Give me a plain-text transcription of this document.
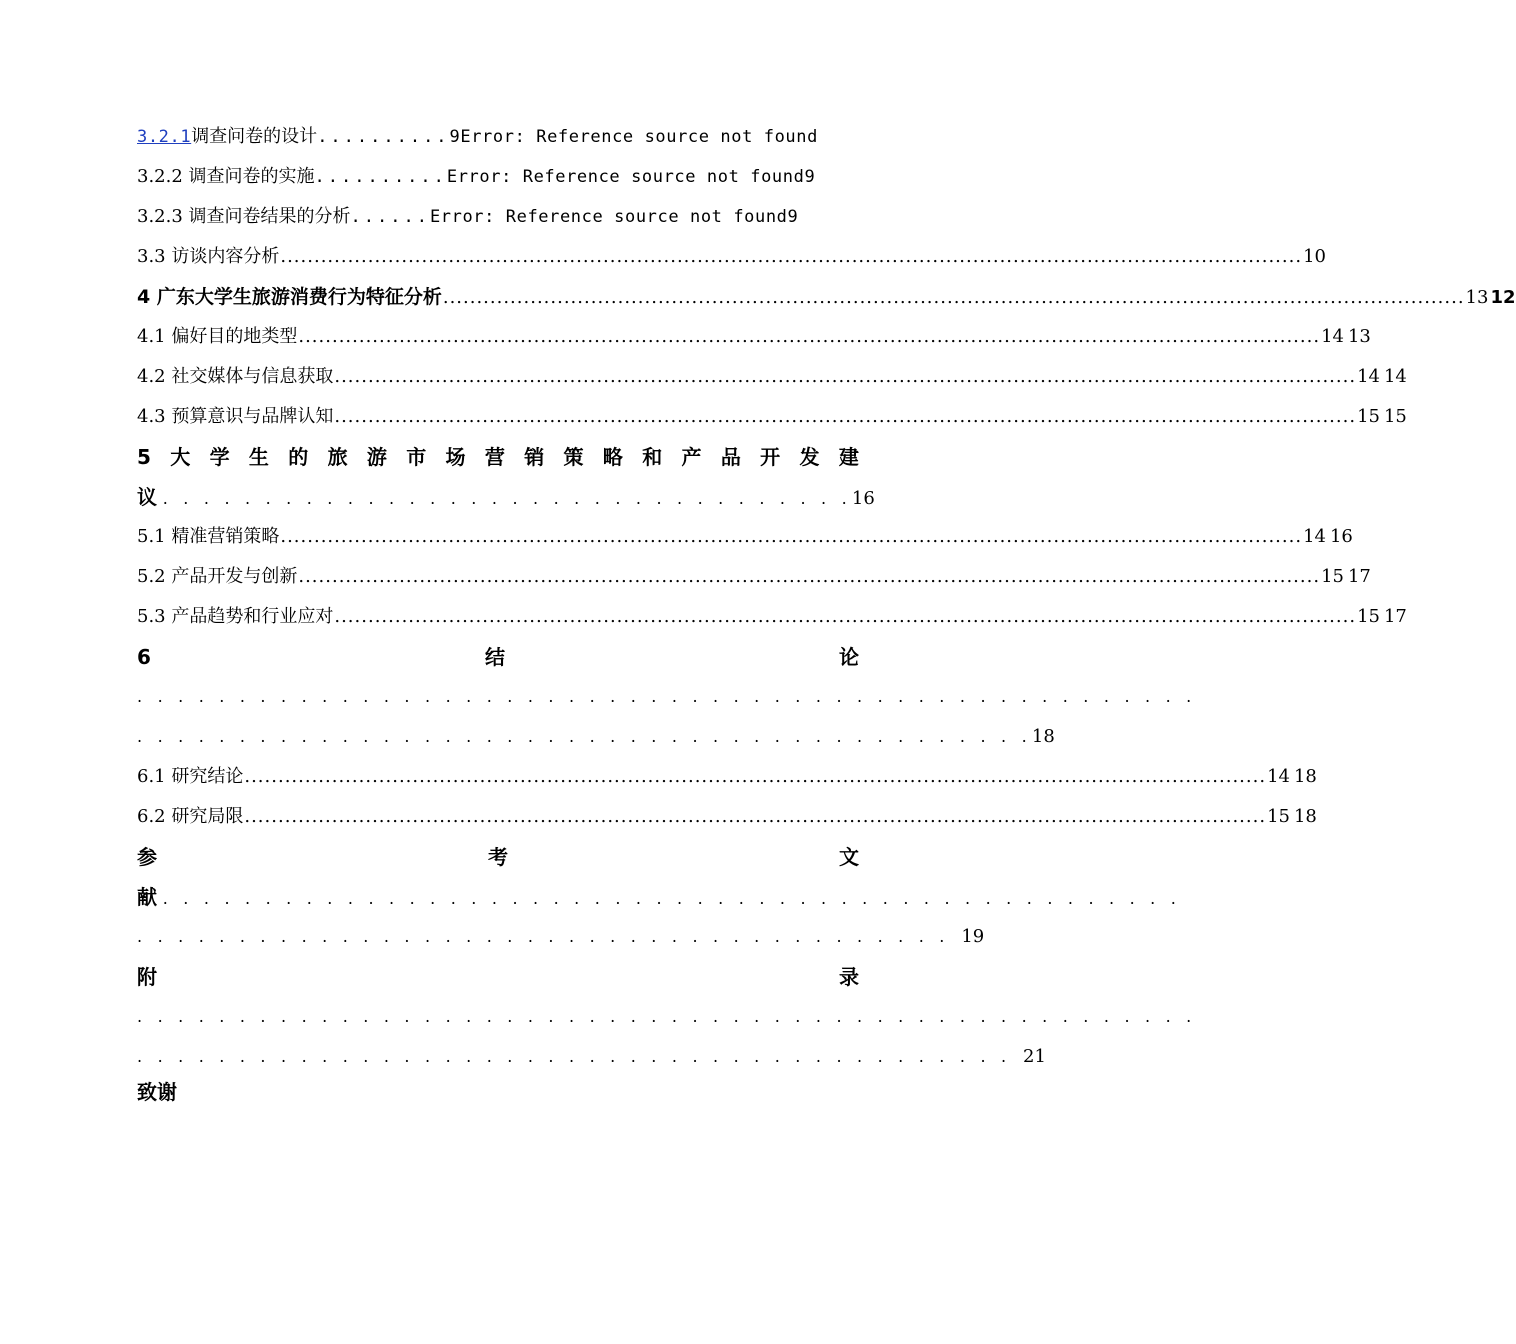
3.2.1 调查问卷的设计 .......... 9 Error: Reference source not found
3.2.2 调查问卷的实施 .......... Error: Reference source not found 9
3.2.3 调查问卷结果的分析 ...... Error: Reference source not found 9
3.3 访谈内容分析 .....	10
4 广东大学生旅游消费行为特征分析 .....	13 12
4.1 偏好目的地类型 .....	14 13
4.2 社交媒体与信息获取 .....	14 14
4.3 预算意识与品牌认知 .....	15 15
5 大 学 生 的 旅 游 市 场 营 销 策 略 和 产 品 开 发 建
议 . . . . . . . . . . . . . . . . . . . . . . . . . . . . . . . . . .16
5.1 精准营销策略 .....	14 16
5.2 产品开发与创新 .....	15 17
5.3 产品趋势和行业应对 .....	15 17
6	结	论
. . . . . . . . . . . . . . . . . . . . . . . . . . . . . . . . . . . . . . . . . . . . . . . . . . . .
. . . . . . . . . . . . . . . . . . . . . . . . . . . . . . . . . . . . . . . . . . . .18
6.1 研究结论 .....	14 18
6.2 研究局限 .....	15 18
参	考	文
献 . . . . . . . . . . . . . . . . . . . . . . . . . . . . . . . . . . . . . . . . . . . . . . . . . .
. . . . . . . . . . . . . . . . . . . . . . . . . . . . . . . . . . . . . . . . 19
附	录
. . . . . . . . . . . . . . . . . . . . . . . . . . . . . . . . . . . . . . . . . . . . . . . . . . . .
. . . . . . . . . . . . . . . . . . . . . . . . . . . . . . . . . . . . . . . . . . . 21
致谢
